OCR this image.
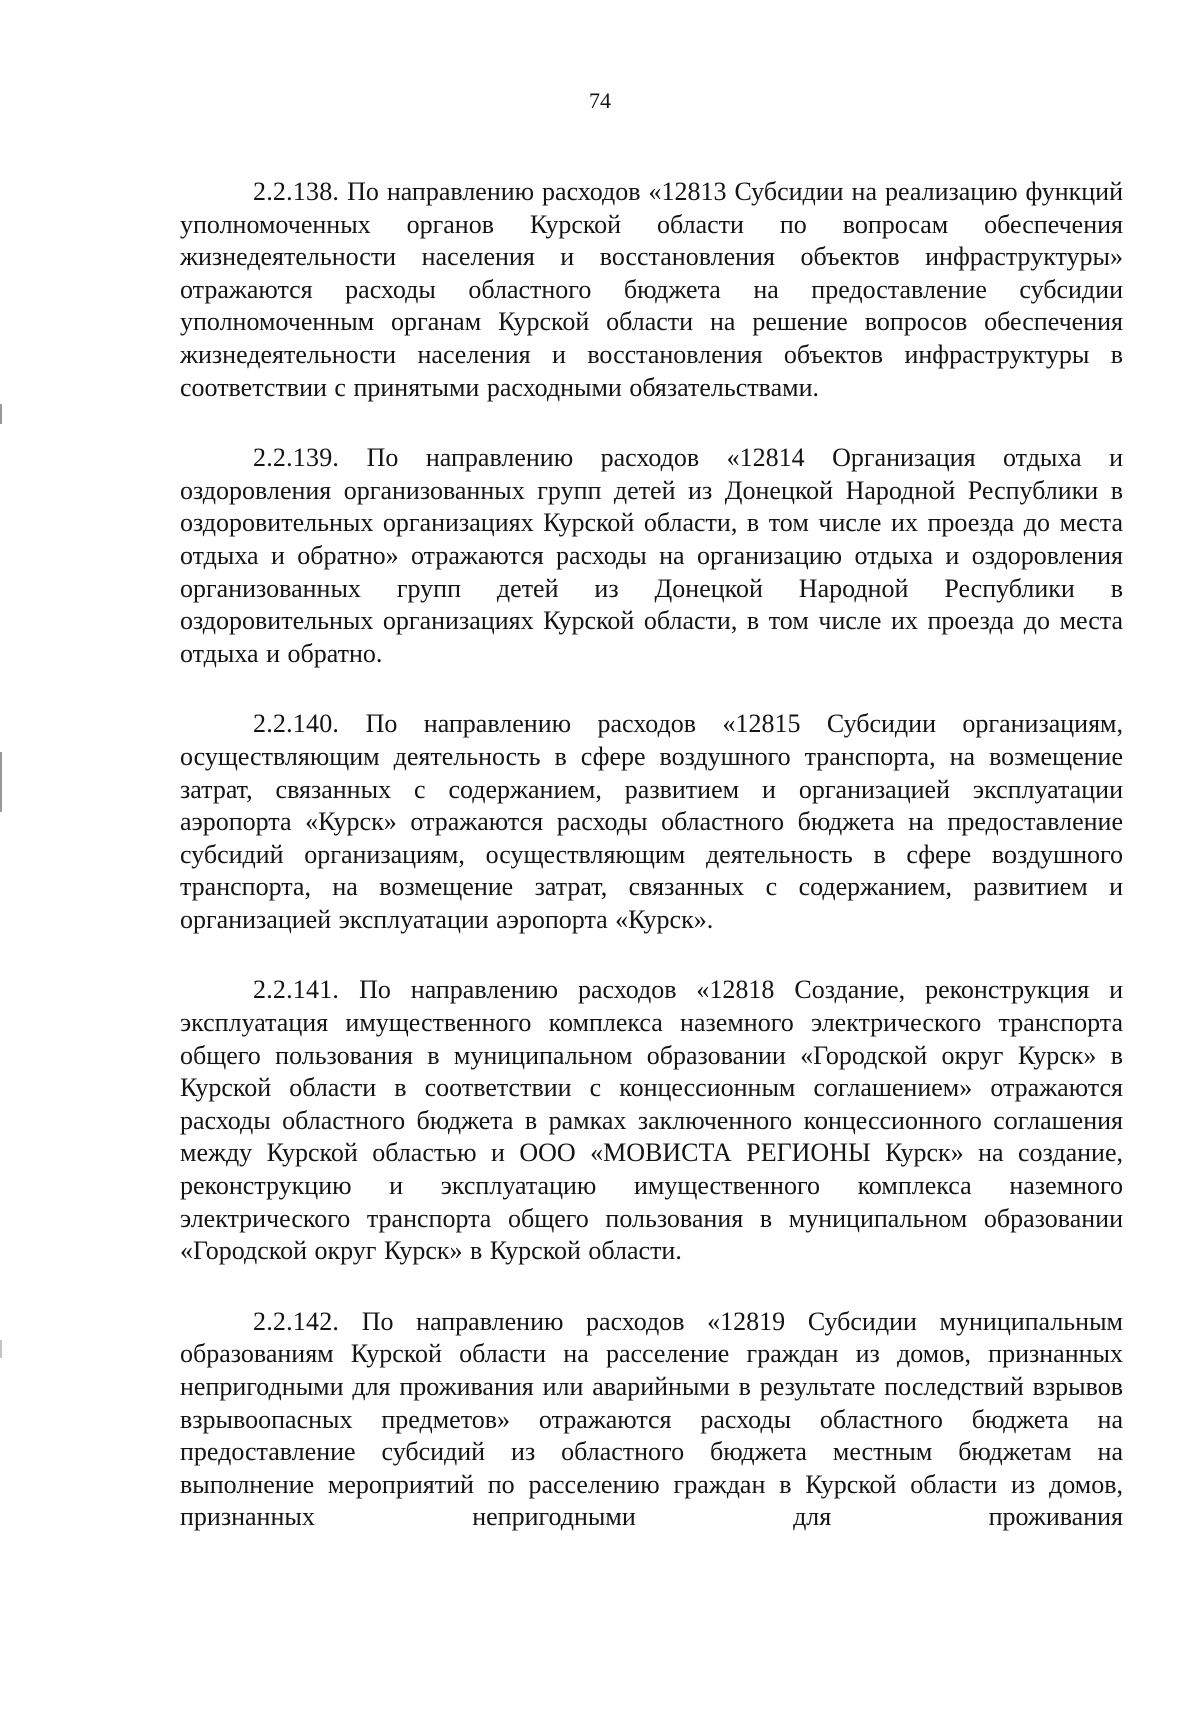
74

2.2.138. По направлению расходов «12813 Субсидии на реализацию функций уполномоченных органов Курской области по вопросам обеспечения жизнедеятельности населения и восстановления объектов инфраструктуры» отражаются расходы областного бюджета на предоставление субсидии уполномоченным органам Курской области на решение вопросов обеспечения жизнедеятельности населения и восстановления объектов инфраструктуры в соответствии с принятыми расходными обязательствами.

2.2.139. По направлению расходов «12814 Организация отдыха и оздоровления организованных групп детей из Донецкой Народной Республики в оздоровительных организациях Курской области, в том числе их проезда до места отдыха и обратно» отражаются расходы на организацию отдыха и оздоровления организованных групп детей из Донецкой Народной Республики в оздоровительных организациях Курской области, в том числе их проезда до места отдыха и обратно.

2.2.140. По направлению расходов «12815 Субсидии организациям, осуществляющим деятельность в сфере воздушного транспорта, на возмещение затрат, связанных с содержанием, развитием и организацией эксплуатации аэропорта «Курск» отражаются расходы областного бюджета на предоставление субсидий организациям, осуществляющим деятельность в сфере воздушного транспорта, на возмещение затрат, связанных с содержанием, развитием и организацией эксплуатации аэропорта «Курск».

2.2.141. По направлению расходов «12818 Создание, реконструкция и эксплуатация имущественного комплекса наземного электрического транспорта общего пользования в муниципальном образовании «Городской округ Курск» в Курской области в соответствии с концессионным соглашением» отражаются расходы областного бюджета в рамках заключенного концессионного соглашения между Курской областью и ООО «МОВИСТА РЕГИОНЫ Курск» на создание, реконструкцию и эксплуатацию имущественного комплекса наземного электрического транспорта общего пользования в муниципальном образовании «Городской округ Курск» в Курской области.

2.2.142. По направлению расходов «12819 Субсидии муниципальным образованиям Курской области на расселение граждан из домов, признанных непригодными для проживания или аварийными в результате последствий взрывов взрывоопасных предметов» отражаются расходы областного бюджета на предоставление субсидий из областного бюджета местным бюджетам на выполнение мероприятий по расселению граждан в Курской области из домов, признанных непригодными для проживания
